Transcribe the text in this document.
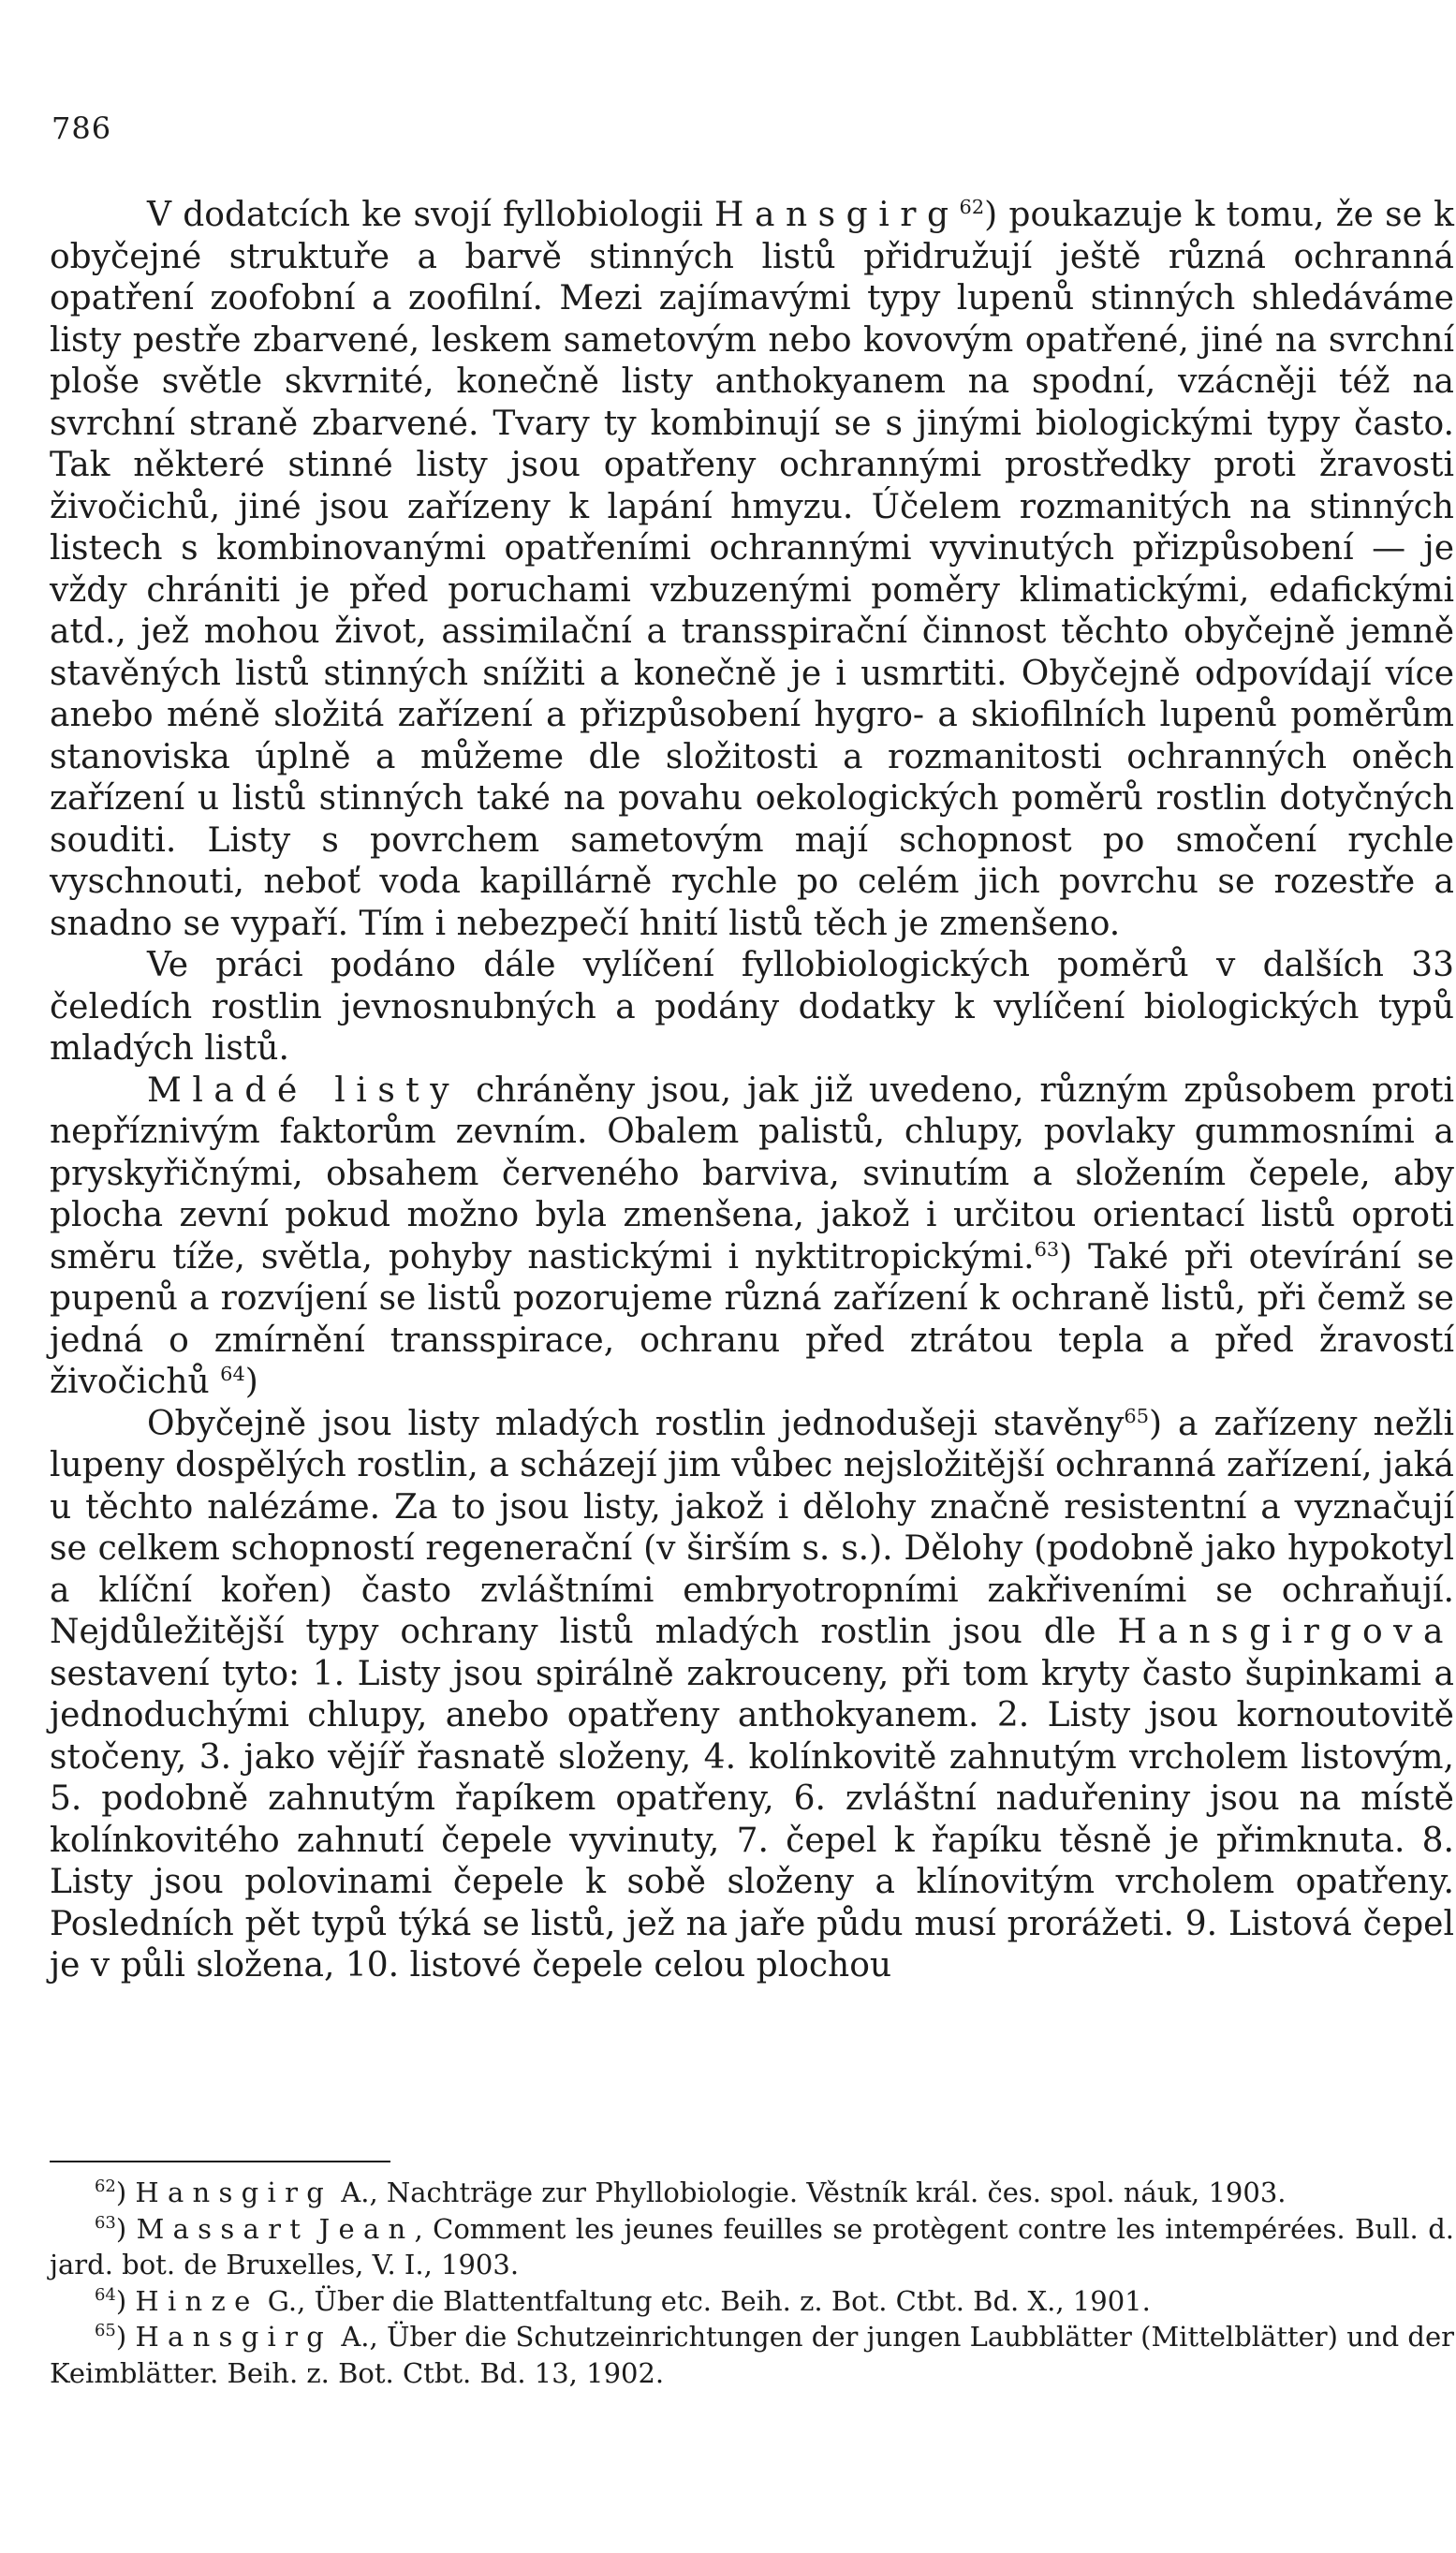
786

V dodatcích ke svojí fyllobiologii Hansgirg$^{62}$) poukazuje k tomu, že se k obyčejné struktuře a barvě stinných listů přidružují ještě různá ochranná opatření zoofobní a zoofilní. Mezi zajímavými typy lupenů stinných shledáváme listy pestře zbarvené, leskem sametovým nebo kovovým opatřené, jiné na svrchní ploše světle skvrnité, konečně listy anthokyanem na spodní, vzácněji též na svrchní straně zbarvené. Tvary ty kombinují se s jinými biologickými typy často. Tak některé stinné listy jsou opatřeny ochrannými prostředky proti žravosti živočichů, jiné jsou zařízeny k lapání hmyzu. Účelem rozmanitých na stinných listech s kombinovanými opatřeními ochrannými vyvinutých přizpůsobení — je vždy chrániti je před poruchami vzbuzenými poměry klimatickými, edafickými atd., jež mohou život, assimilační a transspirační činnost těchto obyčejně jemně stavěných listů stinných snížiti a konečně je i usmrtiti. Obyčejně odpovídají více anebo méně složitá zařízení a přizpůsobení hygro- a skiofilních lupenů poměrům stanoviska úplně a můžeme dle složitosti a rozmanitosti ochranných oněch zařízení u listů stinných také na povahu oekologických poměrů rostlin dotyčných souditi. Listy s povrchem sametovým mají schopnost po smočení rychle vyschnouti, neboť voda kapillárně rychle po celém jich povrchu se rozestře a snadno se vypaří. Tím i nebezpečí hnití listů těch je zmenšeno.

Ve práci podáno dále vylíčení fyllobiologických poměrů v dalších 33 čeledích rostlin jevnosnubných a podány dodatky k vylíčení biologických typů mladých listů.

Mladé listy chráněny jsou, jak již uvedeno, různým způsobem proti nepříznivým faktorům zevním. Obalem palistů, chlupy, povlaky gummosními a pryskyřičnými, obsahem červeného barviva, svinutím a složením čepele, aby plocha zevní pokud možno byla zmenšena, jakož i určitou orientací listů oproti směru tíže, světla, pohyby nastickými i nyktitropickými.$^{63}$) Také při otevírání se pupenů a rozvíjení se listů pozorujeme různá zařízení k ochraně listů, při čemž se jedná o zmírnění transspirace, ochranu před ztrátou tepla a před žravostí živočichů $^{64}$)

Obyčejně jsou listy mladých rostlin jednodušeji stavěny$^{65}$) a zařízeny nežli lupeny dospělých rostlin, a scházejí jim vůbec nejsložitější ochranná zařízení, jaká u těchto nalézáme. Za to jsou listy, jakož i dělohy značně resistentní a vyznačují se celkem schopností regenerační (v širším s. s.). Dělohy (podobně jako hypokotyl a klíční kořen) často zvláštními embryotropními zakřiveními se ochraňují. Nejdůležitější typy ochrany listů mladých rostlin jsou dle Hansgirgova sestavení tyto: 1. Listy jsou spirálně zakrouceny, při tom kryty často šupinkami a jednoduchými chlupy, anebo opatřeny anthokyanem. 2. Listy jsou kornoutovitě stočeny, 3. jako vějíř řasnatě složeny, 4. kolínkovitě zahnutým vrcholem listovým, 5. podobně zahnutým řapíkem opatřeny, 6. zvláštní naduřeniny jsou na místě kolínkovitého zahnutí čepele vyvinuty, 7. čepel k řapíku těsně je přimknuta. 8. Listy jsou polovinami čepele k sobě složeny a klínovitým vrcholem opatřeny. Posledních pět typů týká se listů, jež na jaře půdu musí prorážeti. 9. Listová čepel je v půli složena, 10. listové čepele celou plochou

$^{62}$) Hansgirg A., Nachträge zur Phyllobiologie. Věstník král. čes. spol. náuk, 1903.

$^{63}$) Massart Jean, Comment les jeunes feuilles se protègent contre les intempérées. Bull. d. jard. bot. de Bruxelles, V. I., 1903.

$^{64}$) Hinze G., Über die Blattentfaltung etc. Beih. z. Bot. Ctbt. Bd. X., 1901.

$^{65}$) Hansgirg A., Über die Schutzeinrichtungen der jungen Laubblätter (Mittelblätter) und der Keimblätter. Beih. z. Bot. Ctbt. Bd. 13, 1902.
